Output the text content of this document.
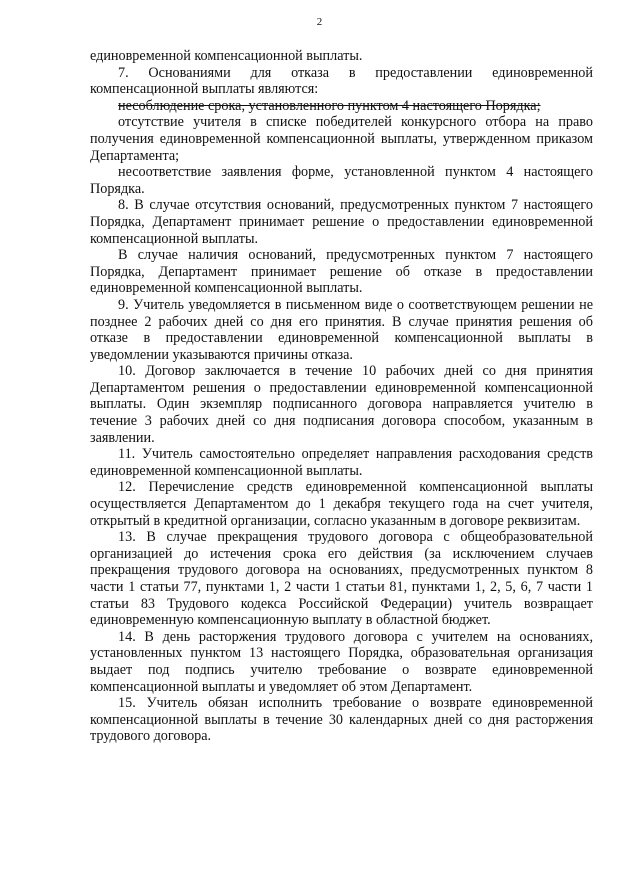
2

единовременной компенсационной выплаты.

7. Основаниями для отказа в предоставлении единовременной компенсационной выплаты являются:

несоблюдение срока, установленного пунктом 4 настоящего Порядка;

отсутствие учителя в списке победителей конкурсного отбора на право получения единовременной компенсационной выплаты, утвержденном приказом Департамента;

несоответствие заявления форме, установленной пунктом 4 настоящего Порядка.

8. В случае отсутствия оснований, предусмотренных пунктом 7 настоящего Порядка, Департамент принимает решение о предоставлении единовременной компенсационной выплаты.

В случае наличия оснований, предусмотренных пунктом 7 настоящего Порядка, Департамент принимает решение об отказе в предоставлении единовременной компенсационной выплаты.

9. Учитель уведомляется в письменном виде о соответствующем решении не позднее 2 рабочих дней со дня его принятия. В случае принятия решения об отказе в предоставлении единовременной компенсационной выплаты в уведомлении указываются причины отказа.

10. Договор заключается в течение 10 рабочих дней со дня принятия Департаментом решения о предоставлении единовременной компенсационной выплаты. Один экземпляр подписанного договора направляется учителю в течение 3 рабочих дней со дня подписания договора способом, указанным в заявлении.

11. Учитель самостоятельно определяет направления расходования средств единовременной компенсационной выплаты.

12. Перечисление средств единовременной компенсационной выплаты осуществляется Департаментом до 1 декабря текущего года на счет учителя, открытый в кредитной организации, согласно указанным в договоре реквизитам.

13. В случае прекращения трудового договора с общеобразовательной организацией до истечения срока его действия (за исключением случаев прекращения трудового договора на основаниях, предусмотренных пунктом 8 части 1 статьи 77, пунктами 1, 2 части 1 статьи 81, пунктами 1, 2, 5, 6, 7 части 1 статьи 83 Трудового кодекса Российской Федерации) учитель возвращает единовременную компенсационную выплату в областной бюджет.

14. В день расторжения трудового договора с учителем на основаниях, установленных пунктом 13 настоящего Порядка, образовательная организация выдает под подпись учителю требование о возврате единовременной компенсационной выплаты и уведомляет об этом Департамент.

15. Учитель обязан исполнить требование о возврате единовременной компенсационной выплаты в течение 30 календарных дней со дня расторжения трудового договора.
